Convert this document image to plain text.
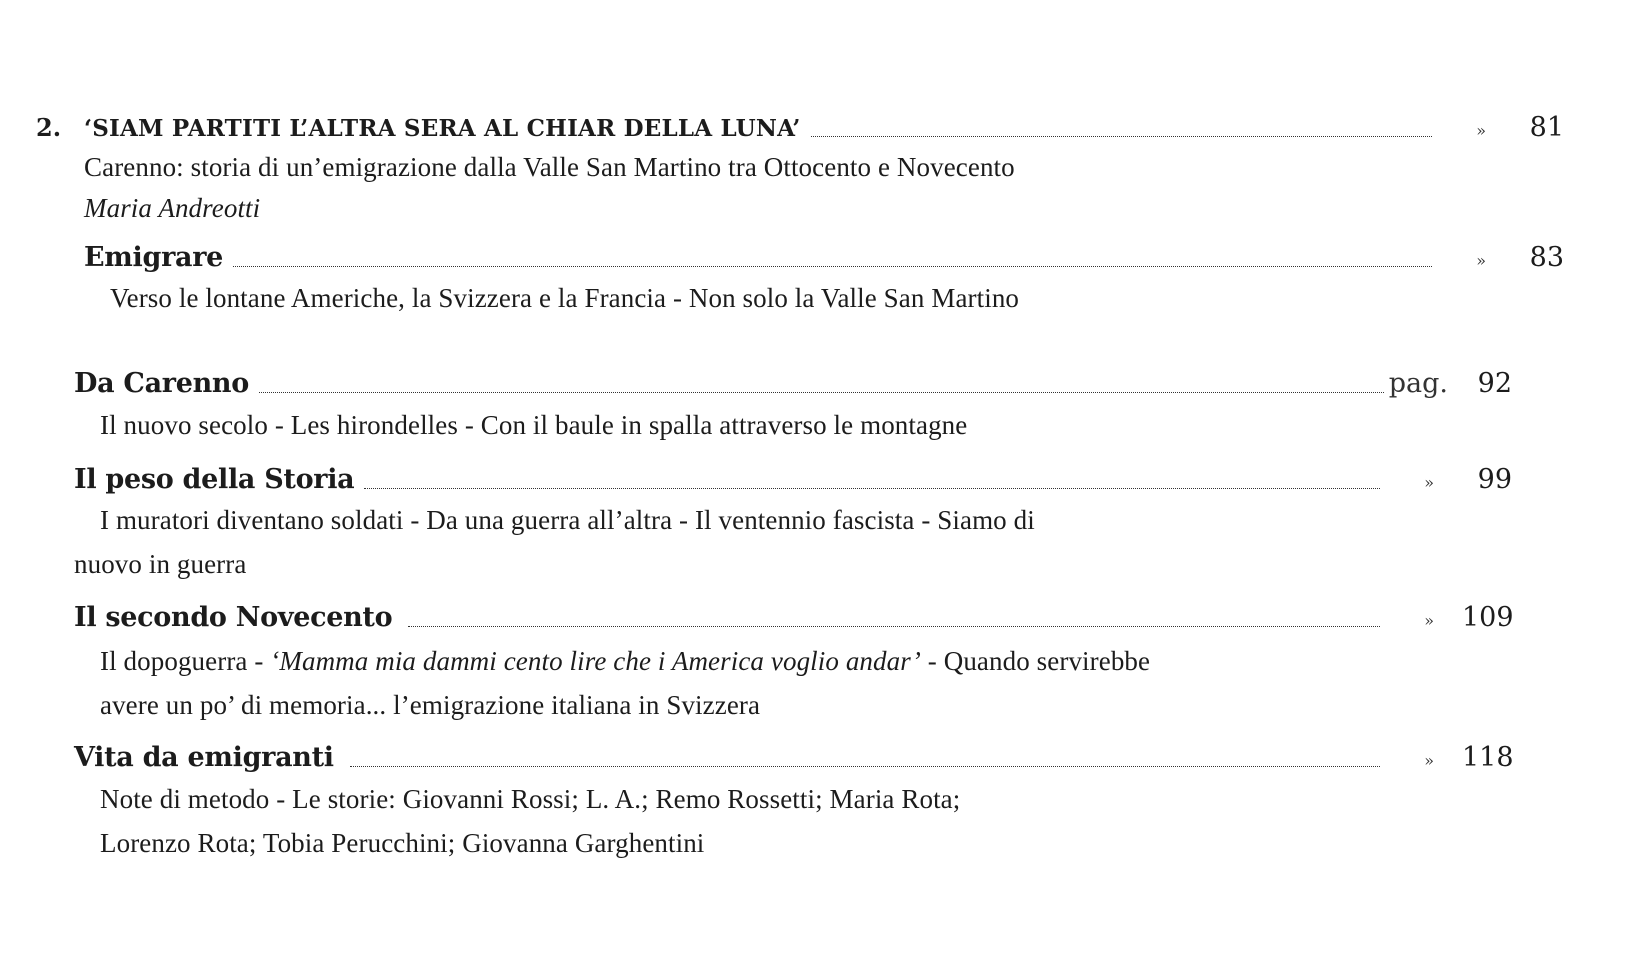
2. ‘SIAM PARTITI L’ALTRA SERA AL CHIAR DELLA LUNA’	»	81
Carenno: storia di un’emigrazione dalla Valle San Martino tra Ottocento e Novecento
Maria Andreotti
Emigrare	»	83
Verso le lontane Americhe, la Svizzera e la Francia - Non solo la Valle San Martino
Da Carenno	pag.	92
Il nuovo secolo - Les hirondelles - Con il baule in spalla attraverso le montagne
Il peso della Storia	»	99
I muratori diventano soldati - Da una guerra all’altra - Il ventennio fascista - Siamo di
nuovo in guerra
Il secondo Novecento	» 109
Il dopoguerra - ‘Mamma mia dammi cento lire che i America voglio andar’ - Quando servirebbe
avere un po’ di memoria... l’emigrazione italiana in Svizzera
Vita da emigranti	» 118
Note di metodo - Le storie: Giovanni Rossi; L. A.; Remo Rossetti; Maria Rota;
Lorenzo Rota; Tobia Perucchini; Giovanna Garghentini
